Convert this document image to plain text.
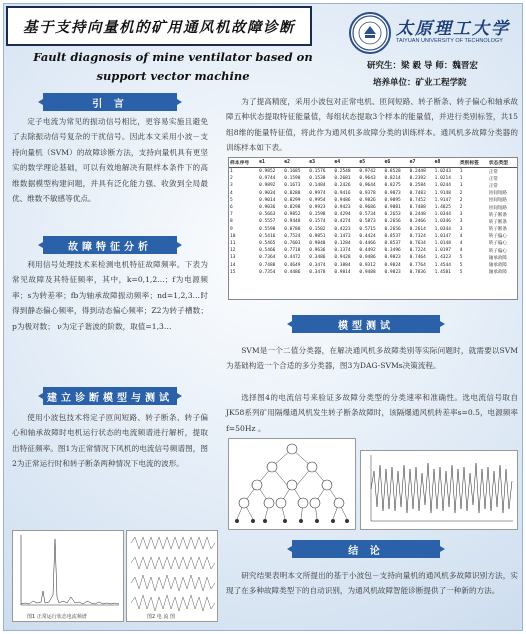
基于支持向量机的矿用通风机故障诊断
Fault diagnosis of mine ventilator based on support vector machine
太原理工大学
TAIYUAN UNIVERSITY OF TECHNOLOGY
研究生：梁 毅 导 师：魏晋宏
培养单位：矿业工程学院
引 言
定子电流为常见的振动信号相比，更容易实施且避免了去除振动信号复杂的干扰信号。因此本文采用小波－支持向量机（SVM）的故障诊断方法，支持向量机具有更坚实的数学理论基础，可以有效地解决有限样本条件下的高维数据模型构建问题，并具有泛化能力强、收敛到全局最优、维数不敏感等优点。
故障特征分析
利用信号处理技术来检测电机特征故障频率。下表为常见故障及其特征频率，其中，k=0,1,2…；f为电源频率；s为转差率；fb为轴承故障振动频率；nd=1,2,3…时得到静态偏心频率，得到动态偏心频率；Z2为转子槽数；p为极对数； ν为定子谐波的阶数，取值=1,3…
建立诊断模型与测试
使用小波包技术将定子匝间短路、转子断条、转子偏心和轴承故障时电机运行状态的电流频谱进行解析，提取出特征频率。图1为正常情况下风机的电流信号频谱图，图2为正常运行时和转子断条两种情况下电流的波形。
图1 正常运行状态电流频谱	图2 电 流 图
为了提高精度，采用小波包对正常电机、匝间短路、转子断条、转子偏心和轴承故障五种状态提取特征能量值，每组状态提取3个样本的能量值，并进行类别标签，共15组8维的能量特征值，将此作为通风机多故障分类的训练样本。通风机多故障分类器的训练样本如下表。
样本序号	e1	e2	e3	e4	e5	e6	e7	e8	类别标签	状态类型
1	0.9852	0.1685	0.1576	0.2548	0.9742	0.8528	0.2448	1.0243	1	正常
2	0.9744	0.1598	0.1538	0.2681	0.9643	0.8214	0.2392	1.0214	1	正常
3	0.9892	0.1673	0.1484	0.2426	0.9644	0.8275	0.2584	1.0244	1	正常
4	0.9034	0.8288	0.9974	0.9416	0.9378	0.9873	0.7483	1.9148	2	匝间短路
5	0.9014	0.8299	0.9954	0.9486	0.9826	0.9095	0.7452	1.9147	2	匝间短路
6	0.9036	0.8298	0.9923	0.9423	0.9686	0.9081	0.7488	1.4825	2	匝间短路
7	0.5663	0.9852	0.1598	0.4294	0.5734	0.2653	0.2448	1.0344	3	转子断条
8	0.5557	0.9448	0.1574	0.4274	0.5873	0.2656	0.2466	1.0346	3	转子断条
9	0.5598	0.8788	0.1582	0.4223	0.5715	0.2656	0.2614	1.0344	3	转子断条
10	0.5416	0.7524	0.9851	0.1473	0.4424	0.8537	0.7324	1.0147	4	转子偏心
11	0.5465	0.7603	0.9848	0.1284	0.4466	0.8537	0.7634	1.0148	4	转子偏心
12	0.5466	0.7718	0.9636	0.1374	0.4492	0.3496	0.7224	1.0197	4	转子偏心
13	0.7364	0.4472	0.3486	0.9428	0.9486	0.9823	0.7464	1.4323	5	轴承故障
14	0.7488	0.4649	0.3474	0.3884	0.9312	0.9824	0.7764	1.4544	5	轴承故障
15	0.7354	0.4486	0.3478	0.9814	0.9488	0.9823	0.7836	1.4581	5	轴承故障
模型测试
SVM是一个二值分类器，在解决通风机多故障类别等实际问题时，就需要以SVM为基础构造一个合适的多分类器，图3为DAG-SVMs决策流程。
选择图4的电流信号来验证多故障分类型的分类速率和准确性。选电流信号取自JK58系列矿用隔爆通风机发生转子断条故障时，该隔爆通风机转差率s=0.5，电源频率f=50Hz 。
结 论
研究结果表明本文所提出的基于小波包－支持向量机的通风机多故障识别方法，实现了在多种故障类型下的自动识别，为通风机故障智能诊断提供了一种新的方法。
